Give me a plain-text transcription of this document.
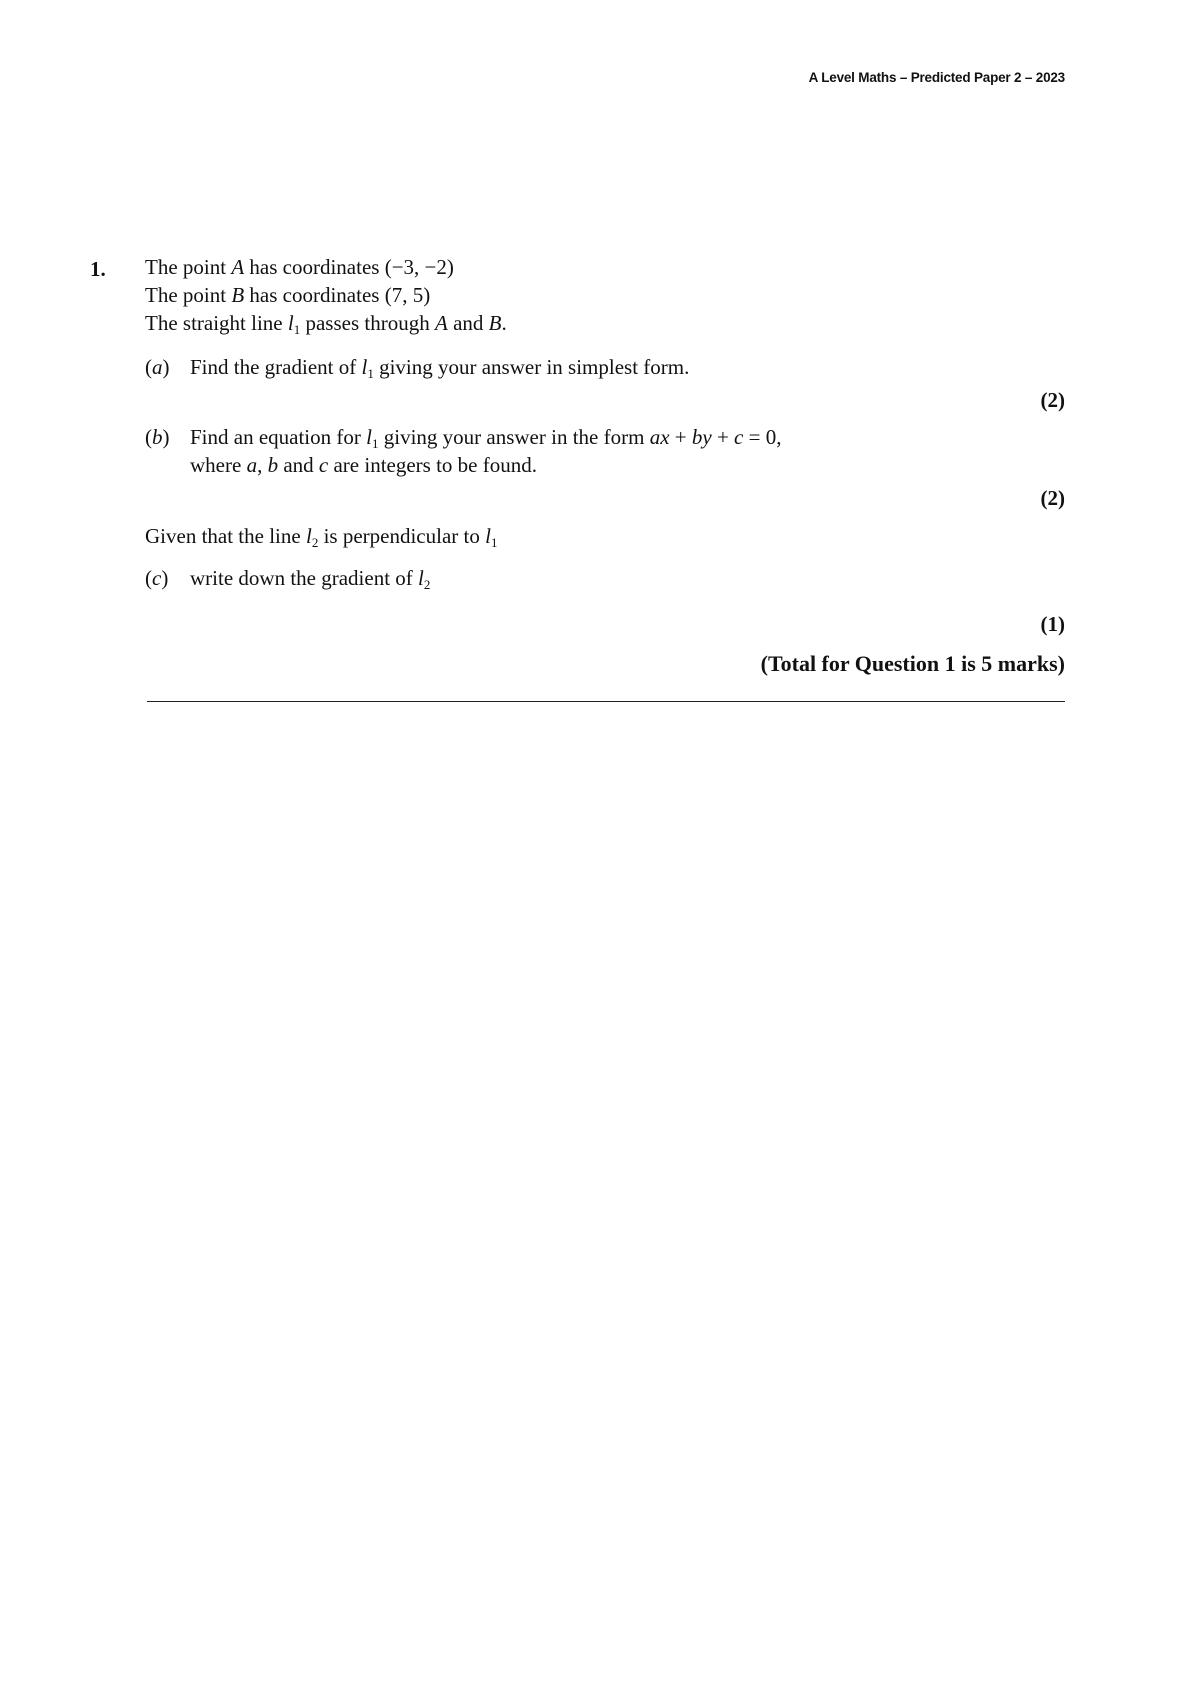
A Level Maths – Predicted Paper 2 – 2023
1. The point A has coordinates (−3, −2)
The point B has coordinates (7, 5)
The straight line $l_1$ passes through A and B.
(a) Find the gradient of $l_1$ giving your answer in simplest form.
(2)
(b) Find an equation for $l_1$ giving your answer in the form ax + by + c = 0,
where a, b and c are integers to be found.
(2)
Given that the line $l_2$ is perpendicular to $l_1$
(c) write down the gradient of $l_2$
(1)
(Total for Question 1 is 5 marks)
